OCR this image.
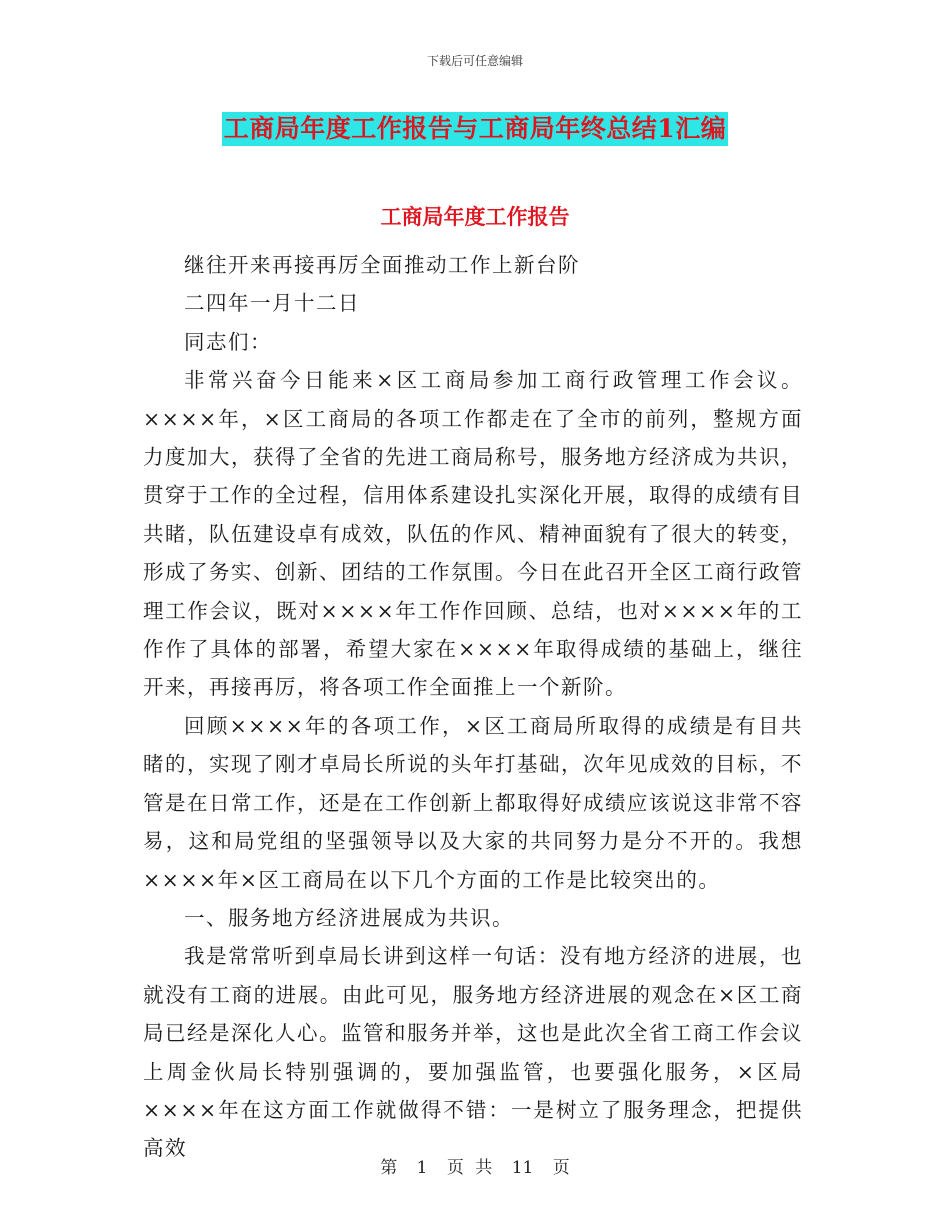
下载后可任意编辑
工商局年度工作报告与工商局年终总结1汇编
工商局年度工作报告

继往开来再接再厉全面推动工作上新台阶

二四年一月十二日

同志们：

非常兴奋今日能来×区工商局参加工商行政管理工作会议。××××年，×区工商局的各项工作都走在了全市的前列，整规方面力度加大，获得了全省的先进工商局称号，服务地方经济成为共识，贯穿于工作的全过程，信用体系建设扎实深化开展，取得的成绩有目共睹，队伍建设卓有成效，队伍的作风、精神面貌有了很大的转变，形成了务实、创新、团结的工作氛围。今日在此召开全区工商行政管理工作会议，既对××××年工作作回顾、总结，也对××××年的工作作了具体的部署，希望大家在××××年取得成绩的基础上，继往开来，再接再厉，将各项工作全面推上一个新阶。

回顾××××年的各项工作，×区工商局所取得的成绩是有目共睹的，实现了刚才卓局长所说的头年打基础，次年见成效的目标，不管是在日常工作，还是在工作创新上都取得好成绩应该说这非常不容易，这和局党组的坚强领导以及大家的共同努力是分不开的。我想××××年×区工商局在以下几个方面的工作是比较突出的。

一、服务地方经济进展成为共识。

我是常常听到卓局长讲到这样一句话：没有地方经济的进展，也就没有工商的进展。由此可见，服务地方经济进展的观念在×区工商局已经是深化人心。监管和服务并举，这也是此次全省工商工作会议上周金伙局长特别强调的，要加强监管，也要强化服务，×区局××××年在这方面工作就做得不错：一是树立了服务理念，把提供高效

第 1 页 共 11 页
